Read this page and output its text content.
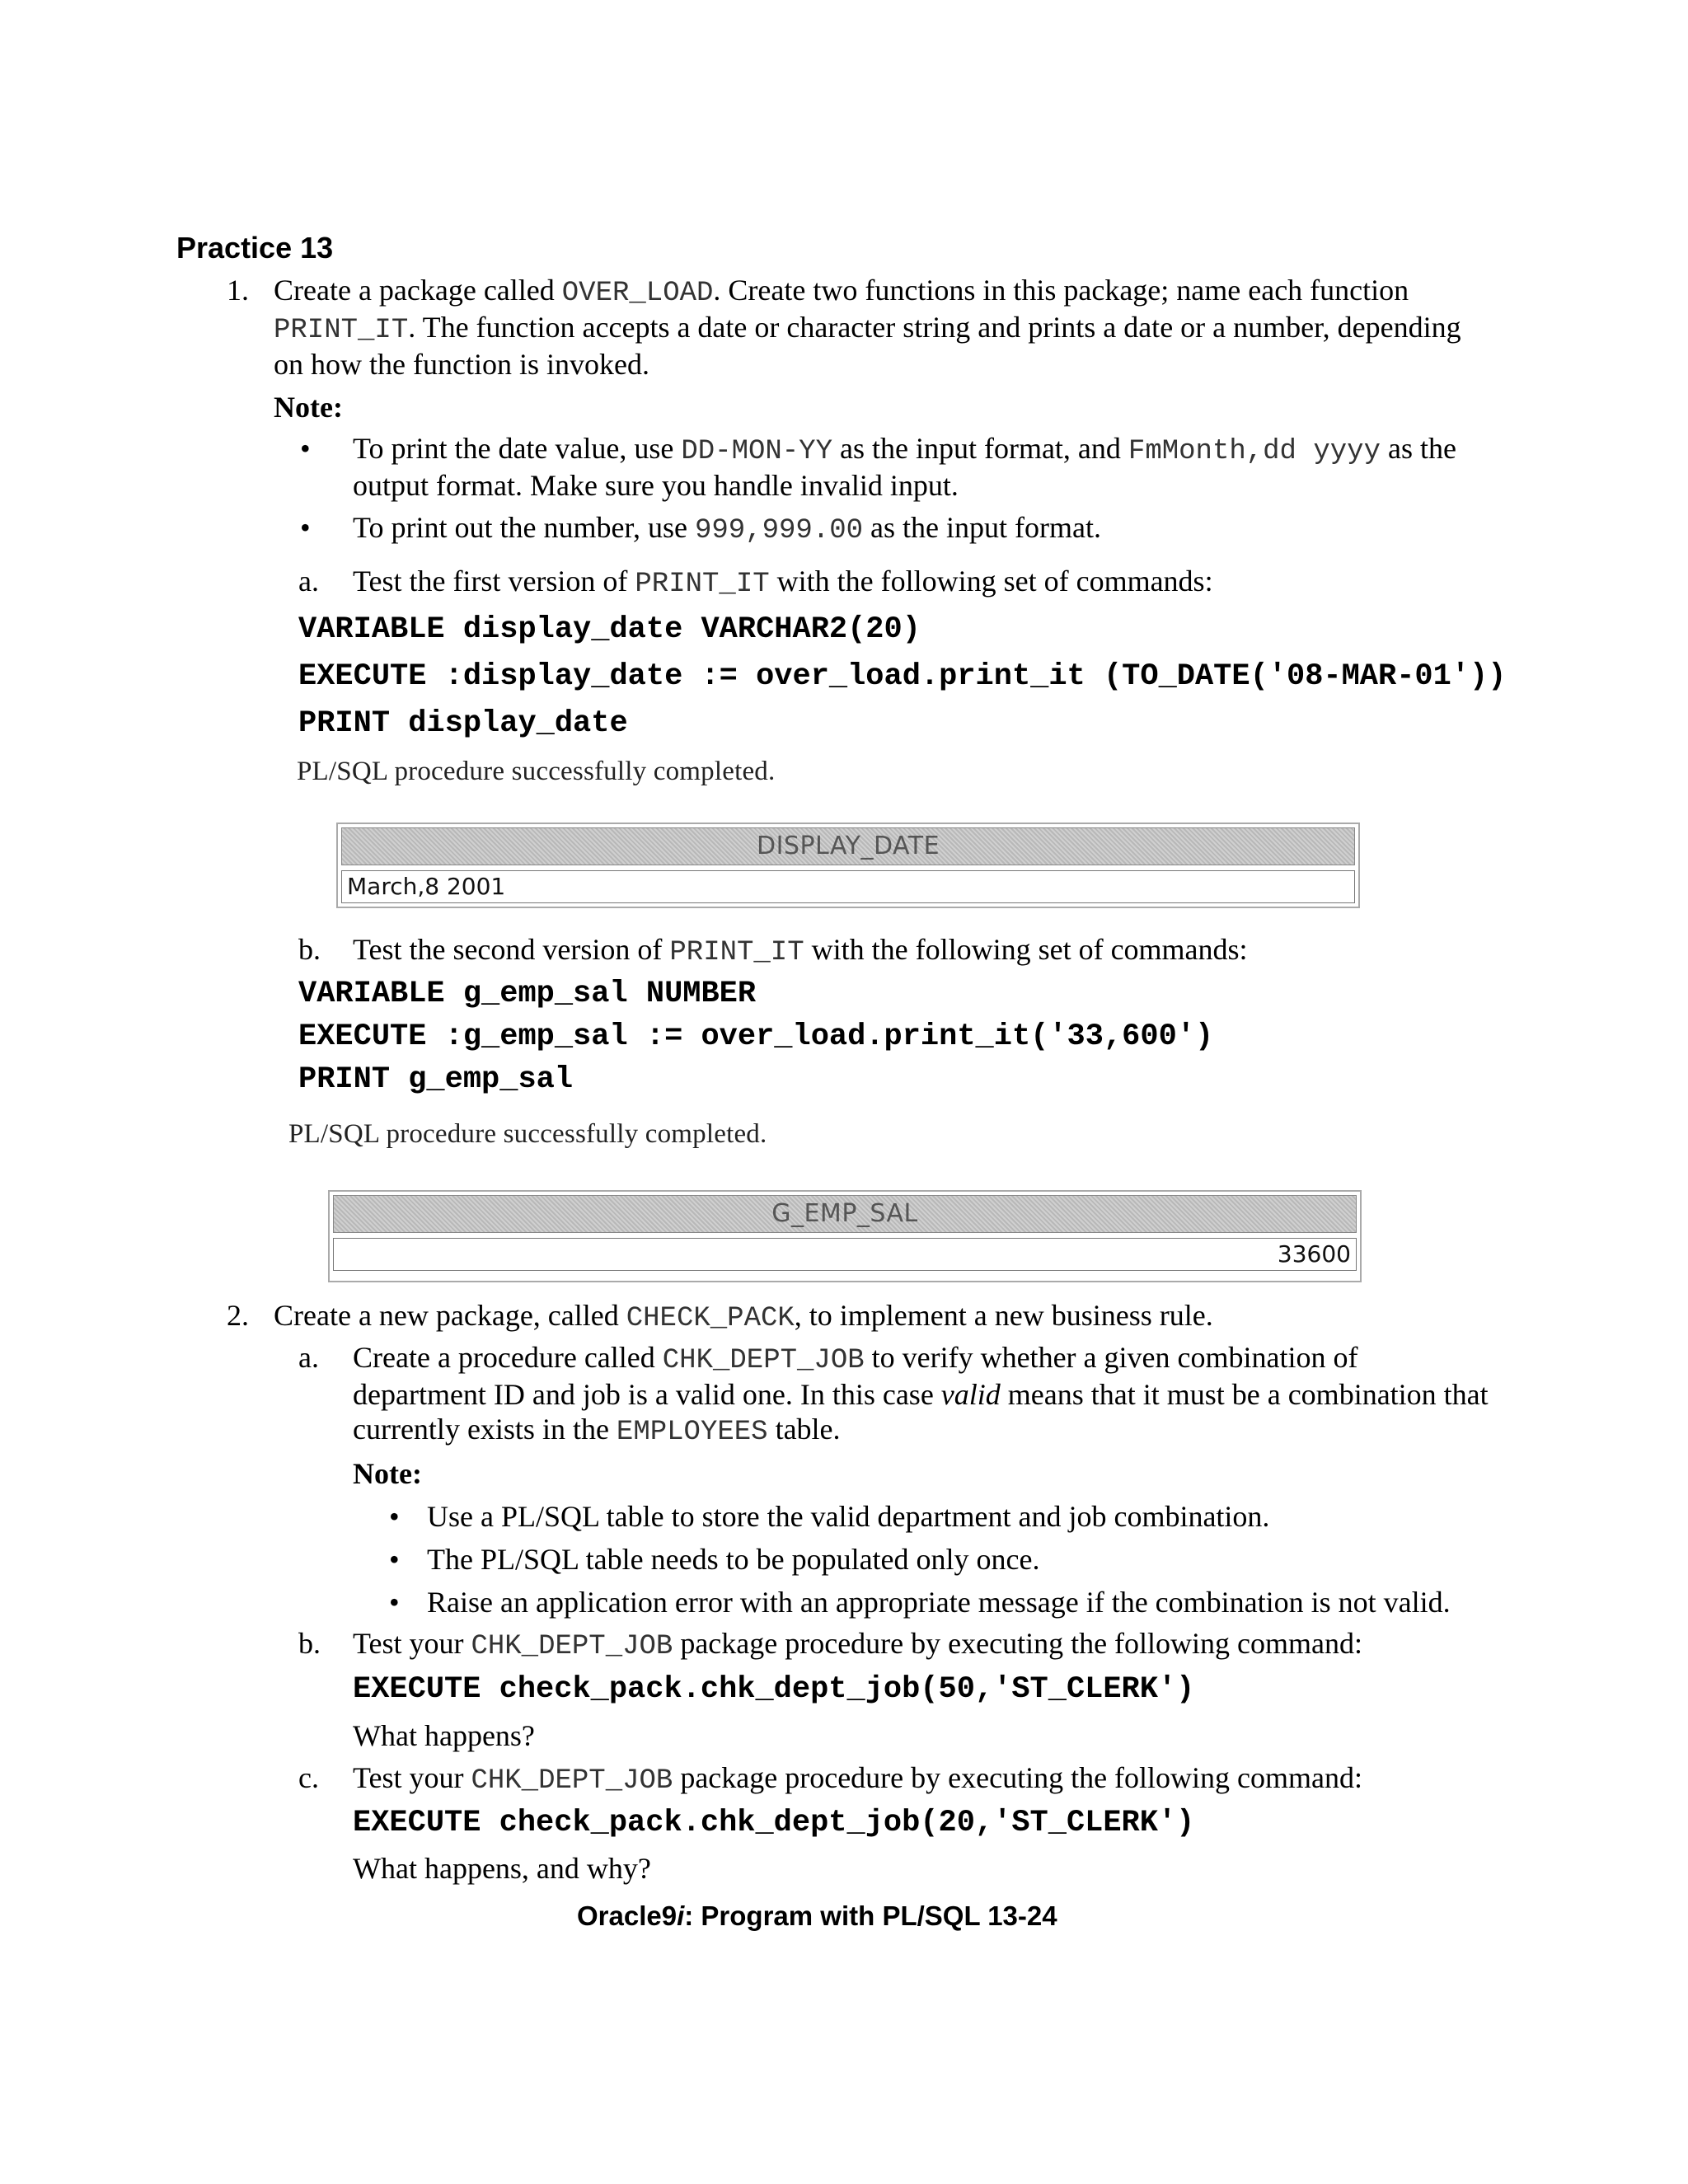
Practice 13
1. Create a package called OVER_LOAD. Create two functions in this package; name each function
PRINT_IT. The function accepts a date or character string and prints a date or a number, depending
on how the function is invoked.
Note:
• To print the date value, use DD-MON-YY as the input format, and FmMonth,dd yyyy as the
output format. Make sure you handle invalid input.
• To print out the number, use 999,999.00 as the input format.
a. Test the first version of PRINT_IT with the following set of commands:
VARIABLE display_date VARCHAR2(20)
EXECUTE :display_date := over_load.print_it (TO_DATE('08-MAR-01'))
PRINT display_date
PL/SQL procedure successfully completed.
DISPLAY_DATE
March,8 2001
b. Test the second version of PRINT_IT with the following set of commands:
VARIABLE g_emp_sal NUMBER
EXECUTE :g_emp_sal := over_load.print_it('33,600')
PRINT g_emp_sal
PL/SQL procedure successfully completed.
G_EMP_SAL
33600
2. Create a new package, called CHECK_PACK, to implement a new business rule.
a. Create a procedure called CHK_DEPT_JOB to verify whether a given combination of
department ID and job is a valid one. In this case valid means that it must be a combination that
currently exists in the EMPLOYEES table.
Note:
• Use a PL/SQL table to store the valid department and job combination.
• The PL/SQL table needs to be populated only once.
• Raise an application error with an appropriate message if the combination is not valid.
b. Test your CHK_DEPT_JOB package procedure by executing the following command:
EXECUTE check_pack.chk_dept_job(50,'ST_CLERK')
What happens?
c. Test your CHK_DEPT_JOB package procedure by executing the following command:
EXECUTE check_pack.chk_dept_job(20,'ST_CLERK')
What happens, and why?
Oracle9i: Program with PL/SQL 13-24
